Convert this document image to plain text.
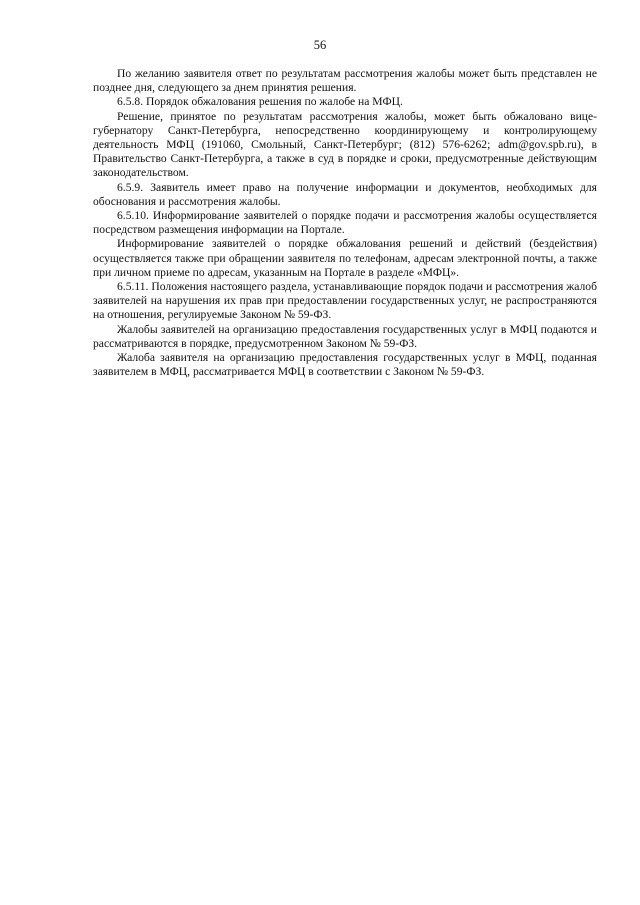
56

По желанию заявителя ответ по результатам рассмотрения жалобы может быть представлен не позднее дня, следующего за днем принятия решения.

6.5.8. Порядок обжалования решения по жалобе на МФЦ.

Решение, принятое по результатам рассмотрения жалобы, может быть обжаловано вице-губернатору Санкт-Петербурга, непосредственно координирующему и контролирующему деятельность МФЦ (191060, Смольный, Санкт-Петербург; (812) 576-6262; adm@gov.spb.ru), в Правительство Санкт-Петербурга, а также в суд в порядке и сроки, предусмотренные действующим законодательством.

6.5.9. Заявитель имеет право на получение информации и документов, необходимых для обоснования и рассмотрения жалобы.

6.5.10. Информирование заявителей о порядке подачи и рассмотрения жалобы осуществляется посредством размещения информации на Портале.

Информирование заявителей о порядке обжалования решений и действий (бездействия) осуществляется также при обращении заявителя по телефонам, адресам электронной почты, а также при личном приеме по адресам, указанным на Портале в разделе «МФЦ».

6.5.11. Положения настоящего раздела, устанавливающие порядок подачи и рассмотрения жалоб заявителей на нарушения их прав при предоставлении государственных услуг, не распространяются на отношения, регулируемые Законом № 59-ФЗ.

Жалобы заявителей на организацию предоставления государственных услуг в МФЦ подаются и рассматриваются в порядке, предусмотренном Законом № 59-ФЗ.

Жалоба заявителя на организацию предоставления государственных услуг в МФЦ, поданная заявителем в МФЦ, рассматривается МФЦ в соответствии с Законом № 59-ФЗ.
